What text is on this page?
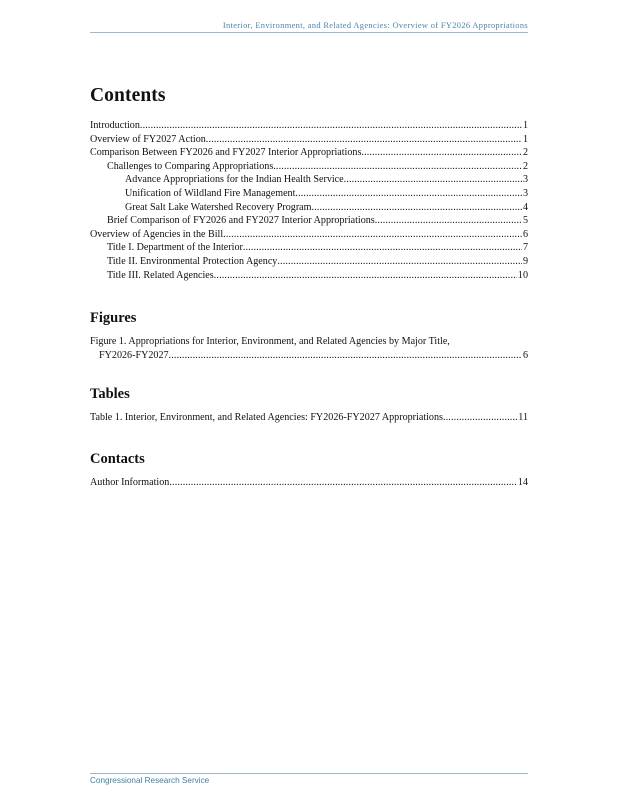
Interior, Environment, and Related Agencies: Overview of FY2026 Appropriations
Contents
Introduction .....	1
Overview of FY2027 Action .....	1
Comparison Between FY2026 and FY2027 Interior Appropriations .....	2
Challenges to Comparing Appropriations .....	2
Advance Appropriations for the Indian Health Service .....	3
Unification of Wildland Fire Management .....	3
Great Salt Lake Watershed Recovery Program .....	4
Brief Comparison of FY2026 and FY2027 Interior Appropriations .....	5
Overview of Agencies in the Bill .....	6
Title I. Department of the Interior .....	7
Title II. Environmental Protection Agency .....	9
Title III. Related Agencies .....	10
Figures
Figure 1. Appropriations for Interior, Environment, and Related Agencies by Major Title,
FY2026-FY2027 .....	6
Tables
Table 1. Interior, Environment, and Related Agencies: FY2026-FY2027 Appropriations .....	11
Contacts
Author Information .....	14
Congressional Research Service
